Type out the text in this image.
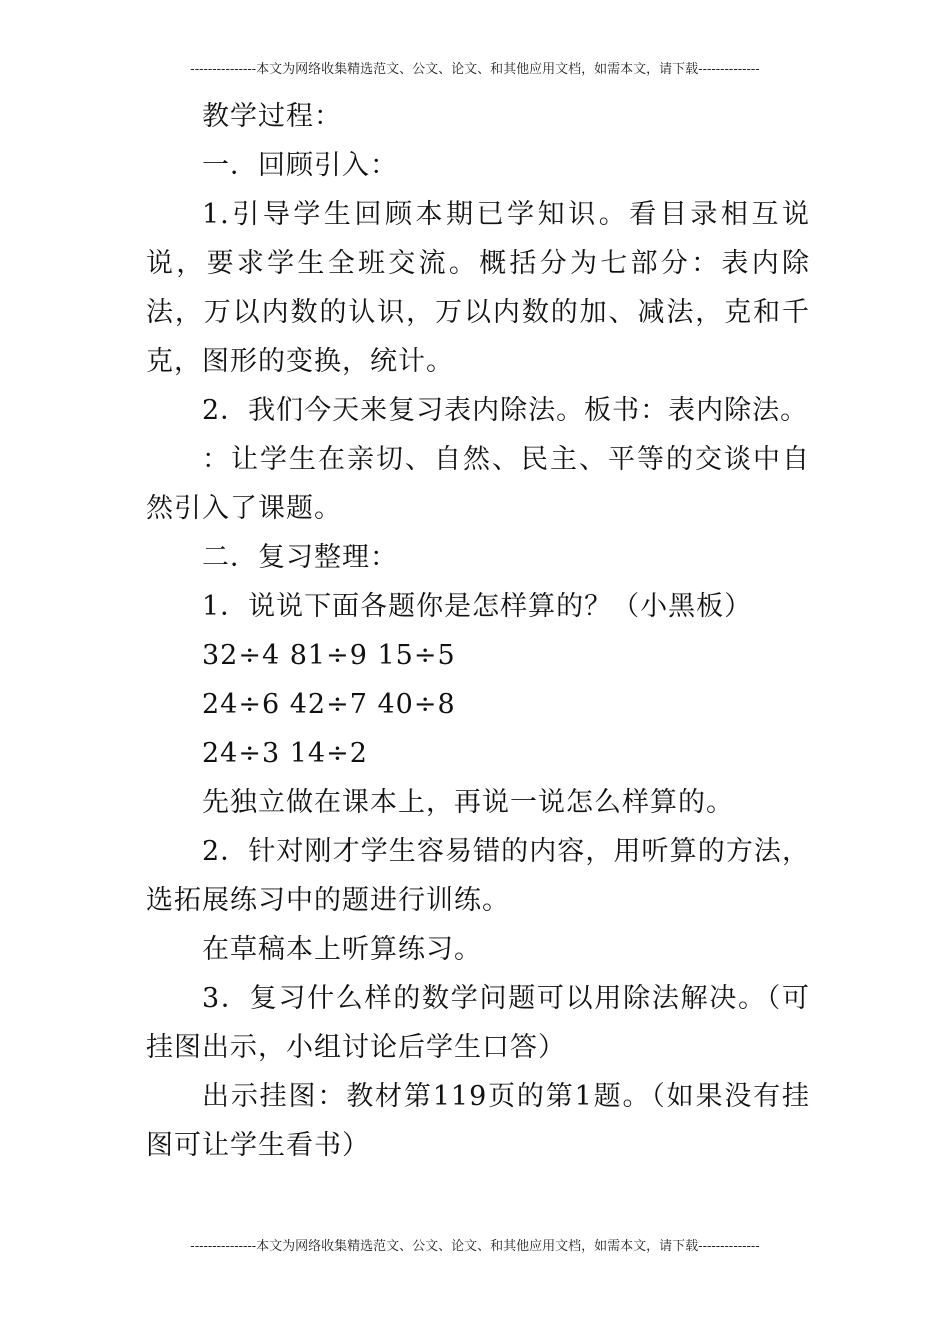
---------------本文为网络收集精选范文、公文、论文、和其他应用文档，如需本文，请下载--------------

教学过程：

一．回顾引入：

1.引导学生回顾本期已学知识。看目录相互说说，要求学生全班交流。概括分为七部分：表内除法，万以内数的认识，万以内数的加、减法，克和千克，图形的变换，统计。

2．我们今天来复习表内除法。板书：表内除法。

：让学生在亲切、自然、民主、平等的交谈中自然引入了课题。

二．复习整理：

1．说说下面各题你是怎样算的？（小黑板）

32÷4 81÷9 15÷5

24÷6 42÷7 40÷8

24÷3 14÷2

先独立做在课本上，再说一说怎么样算的。

2．针对刚才学生容易错的内容，用听算的方法，选拓展练习中的题进行训练。

在草稿本上听算练习。

3．复习什么样的数学问题可以用除法解决。（可挂图出示，小组讨论后学生口答）

出示挂图：教材第119页的第1题。（如果没有挂图可让学生看书）

---------------本文为网络收集精选范文、公文、论文、和其他应用文档，如需本文，请下载--------------
